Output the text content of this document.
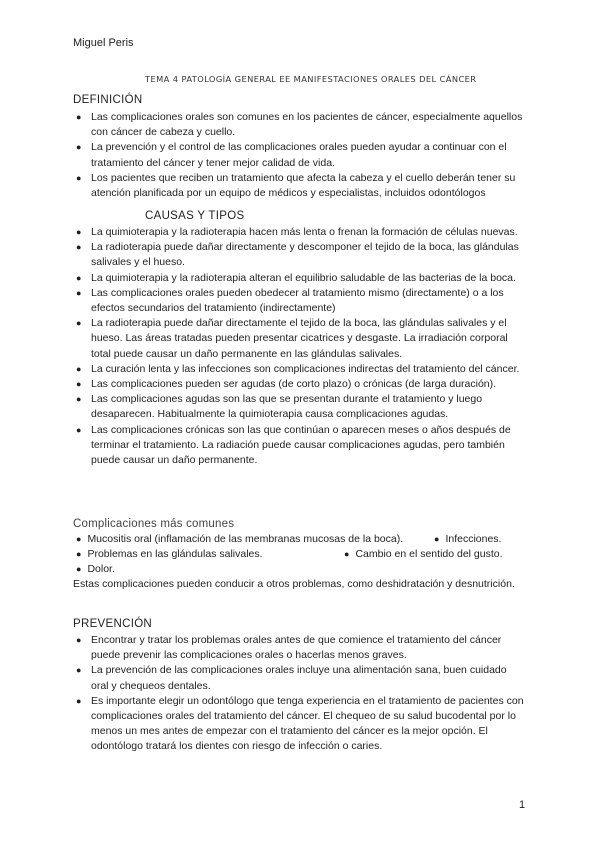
Miguel Peris
TEMA 4 PATOLOGÍA GENERAL EE MANIFESTACIONES ORALES DEL CÁNCER
DEFINICIÓN
● Las complicaciones orales son comunes en los pacientes de cáncer, especialmente aquellos con cáncer de cabeza y cuello.
● La prevención y el control de las complicaciones orales pueden ayudar a continuar con el tratamiento del cáncer y tener mejor calidad de vida.
● Los pacientes que reciben un tratamiento que afecta la cabeza y el cuello deberán tener su atención planificada por un equipo de médicos y especialistas, incluidos odontólogos
CAUSAS Y TIPOS
● La quimioterapia y la radioterapia hacen más lenta o frenan la formación de células nuevas.
● La radioterapia puede dañar directamente y descomponer el tejido de la boca, las glándulas salivales y el hueso.
● La quimioterapia y la radioterapia alteran el equilibrio saludable de las bacterias de la boca.
● Las complicaciones orales pueden obedecer al tratamiento mismo (directamente) o a los efectos secundarios del tratamiento (indirectamente)
● La radioterapia puede dañar directamente el tejido de la boca, las glándulas salivales y el hueso. Las áreas tratadas pueden presentar cicatrices y desgaste. La irradiación corporal total puede causar un daño permanente en las glándulas salivales.
● La curación lenta y las infecciones son complicaciones indirectas del tratamiento del cáncer.
● Las complicaciones pueden ser agudas (de corto plazo) o crónicas (de larga duración).
● Las complicaciones agudas son las que se presentan durante el tratamiento y luego desaparecen. Habitualmente la quimioterapia causa complicaciones agudas.
● Las complicaciones crónicas son las que continúan o aparecen meses o años después de terminar el tratamiento. La radiación puede causar complicaciones agudas, pero también puede causar un daño permanente.
Complicaciones más comunes
● Mucositis oral (inflamación de las membranas mucosas de la boca).	● Infecciones.
● Problemas en las glándulas salivales.	● Cambio en el sentido del gusto.
● Dolor.
Estas complicaciones pueden conducir a otros problemas, como deshidratación y desnutrición.
PREVENCIÓN
● Encontrar y tratar los problemas orales antes de que comience el tratamiento del cáncer puede prevenir las complicaciones orales o hacerlas menos graves.
● La prevención de las complicaciones orales incluye una alimentación sana, buen cuidado oral y chequeos dentales.
● Es importante elegir un odontólogo que tenga experiencia en el tratamiento de pacientes con complicaciones orales del tratamiento del cáncer. El chequeo de su salud bucodental por lo menos un mes antes de empezar con el tratamiento del cáncer es la mejor opción. El odontólogo tratará los dientes con riesgo de infección o caries.
1
